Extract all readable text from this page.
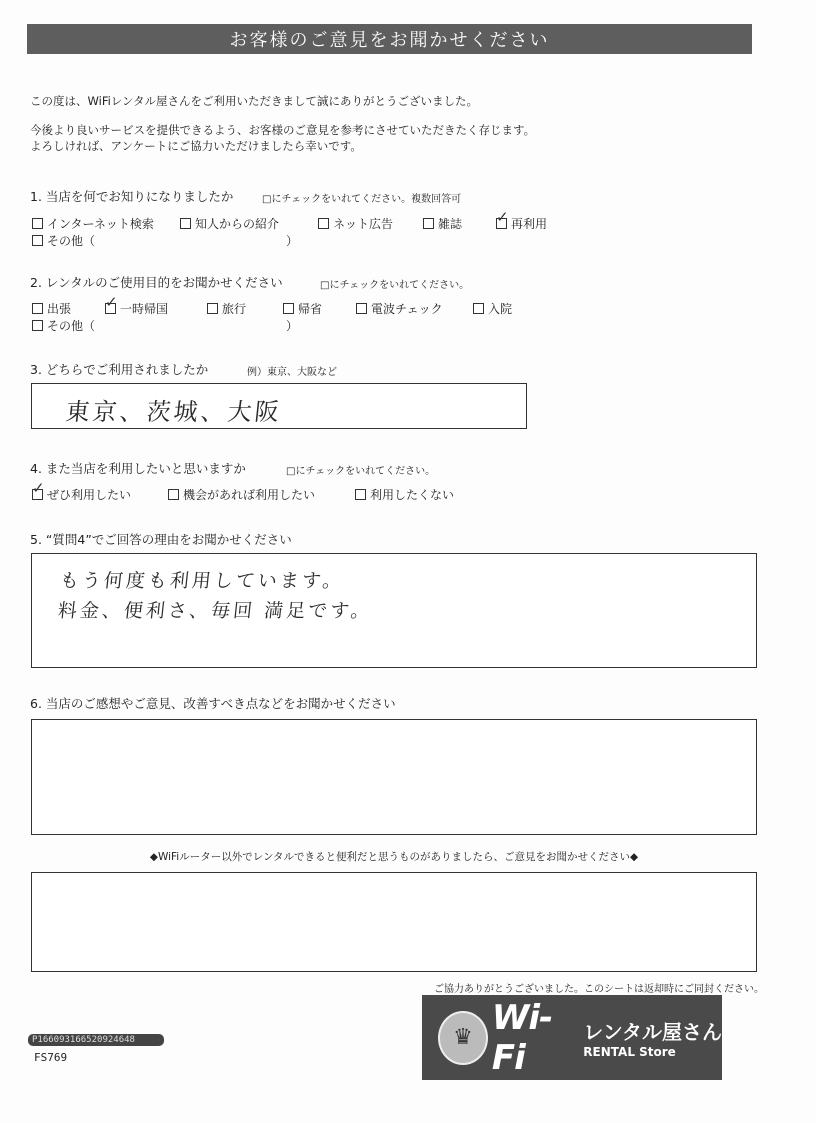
お客様のご意見をお聞かせください
この度は、WiFiレンタル屋さんをご利用いただきまして誠にありがとうございました。
今後より良いサービスを提供できるよう、お客様のご意見を参考にさせていただきたく存じます。
よろしければ、アンケートにご協力いただけましたら幸いです。
1. 当店を何でお知りになりましたか	□にチェックをいれてください。複数回答可
インターネット検索	知人からの紹介	ネット広告	雑誌 ✓ 再利用
その他（	）
2. レンタルのご使用目的をお聞かせください	□にチェックをいれてください。
出張 ✓ 一時帰国	旅行	帰省	電波チェック	入院
その他（	）
3. どちらでご利用されましたか	例）東京、大阪など
東京、茨城、大阪
4. また当店を利用したいと思いますか	□にチェックをいれてください。
✓ ぜひ利用したい	機会があれば利用したい	利用したくない
5. “質問4”でご回答の理由をお聞かせください
もう何度も利用しています。
料金、便利さ、毎回 満足です。
6. 当店のご感想やご意見、改善すべき点などをお聞かせください
◆WiFiルーター以外でレンタルできると便利だと思うものがありましたら、ご意見をお聞かせください◆
ご協力ありがとうございました。このシートは返却時にご同封ください。
P166093166520924648
FS769
♛ Wi-Fi
レンタル屋さん
RENTAL Store
